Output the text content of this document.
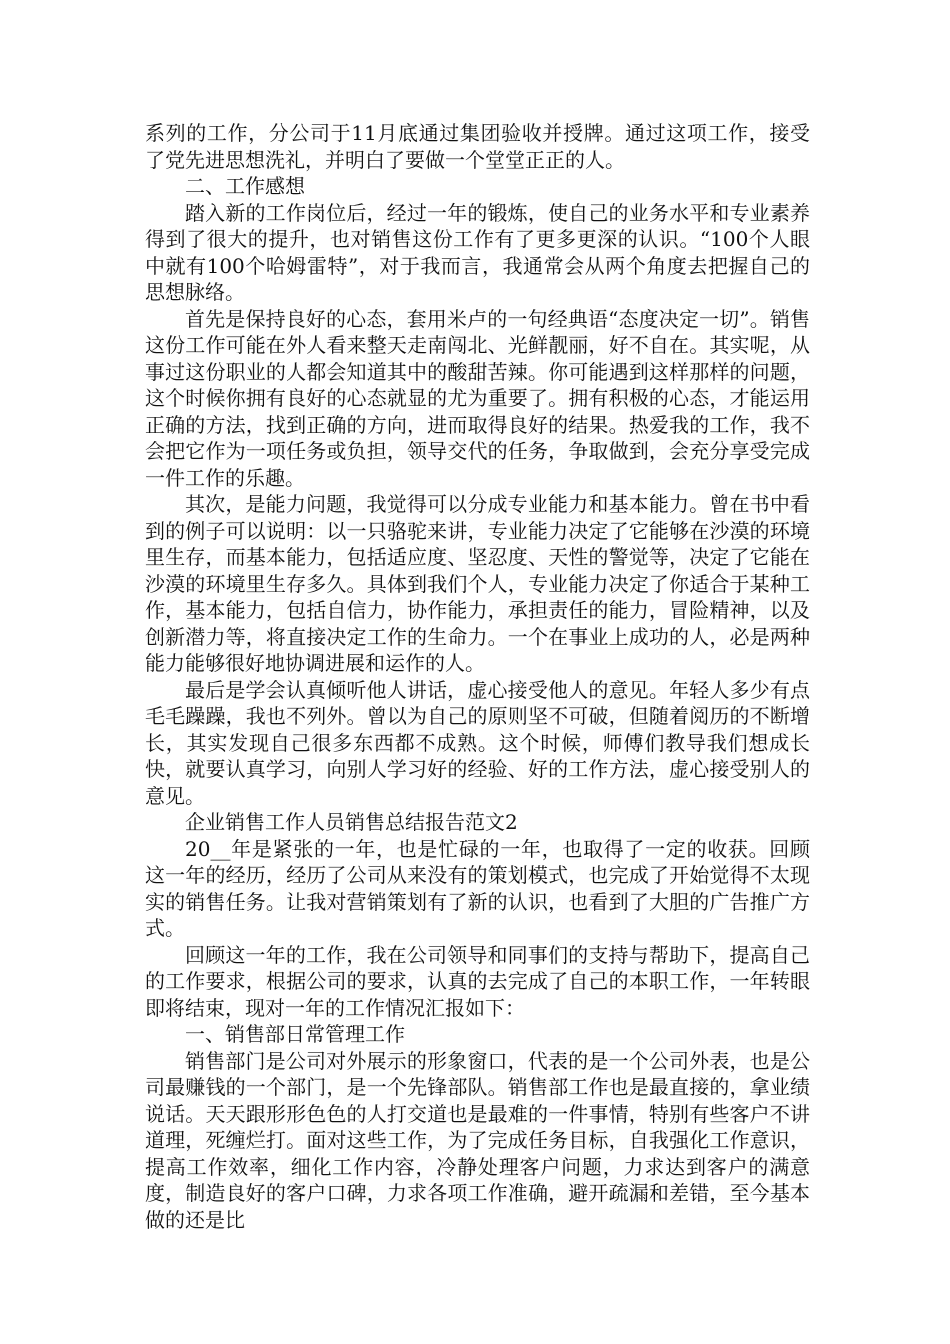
系列的工作，分公司于11月底通过集团验收并授牌。通过这项工作，接受了党先进思想洗礼，并明白了要做一个堂堂正正的人。

二、工作感想

踏入新的工作岗位后，经过一年的锻炼，使自己的业务水平和专业素养得到了很大的提升，也对销售这份工作有了更多更深的认识。“100个人眼中就有100个哈姆雷特”，对于我而言，我通常会从两个角度去把握自己的思想脉络。

首先是保持良好的心态，套用米卢的一句经典语“态度决定一切”。销售这份工作可能在外人看来整天走南闯北、光鲜靓丽，好不自在。其实呢，从事过这份职业的人都会知道其中的酸甜苦辣。你可能遇到这样那样的问题，这个时候你拥有良好的心态就显的尤为重要了。拥有积极的心态，才能运用正确的方法，找到正确的方向，进而取得良好的结果。热爱我的工作，我不会把它作为一项任务或负担，领导交代的任务，争取做到，会充分享受完成一件工作的乐趣。

其次，是能力问题，我觉得可以分成专业能力和基本能力。曾在书中看到的例子可以说明：以一只骆驼来讲，专业能力决定了它能够在沙漠的环境里生存，而基本能力，包括适应度、坚忍度、天性的警觉等，决定了它能在沙漠的环境里生存多久。具体到我们个人，专业能力决定了你适合于某种工作，基本能力，包括自信力，协作能力，承担责任的能力，冒险精神，以及创新潜力等，将直接决定工作的生命力。一个在事业上成功的人，必是两种能力能够很好地协调进展和运作的人。

最后是学会认真倾听他人讲话，虚心接受他人的意见。年轻人多少有点毛毛躁躁，我也不列外。曾以为自己的原则坚不可破，但随着阅历的不断增长，其实发现自己很多东西都不成熟。这个时候，师傅们教导我们想成长快，就要认真学习，向别人学习好的经验、好的工作方法，虚心接受别人的意见。

企业销售工作人员销售总结报告范文2

20__年是紧张的一年，也是忙碌的一年，也取得了一定的收获。回顾这一年的经历，经历了公司从来没有的策划模式，也完成了开始觉得不太现实的销售任务。让我对营销策划有了新的认识，也看到了大胆的广告推广方式。

回顾这一年的工作，我在公司领导和同事们的支持与帮助下，提高自己的工作要求，根据公司的要求，认真的去完成了自己的本职工作，一年转眼即将结束，现对一年的工作情况汇报如下：

一、销售部日常管理工作

销售部门是公司对外展示的形象窗口，代表的是一个公司外表，也是公司最赚钱的一个部门，是一个先锋部队。销售部工作也是最直接的，拿业绩说话。天天跟形形色色的人打交道也是最难的一件事情，特别有些客户不讲道理，死缠烂打。面对这些工作，为了完成任务目标，自我强化工作意识，提高工作效率，细化工作内容，冷静处理客户问题，力求达到客户的满意度，制造良好的客户口碑，力求各项工作准确，避开疏漏和差错，至今基本做的还是比
